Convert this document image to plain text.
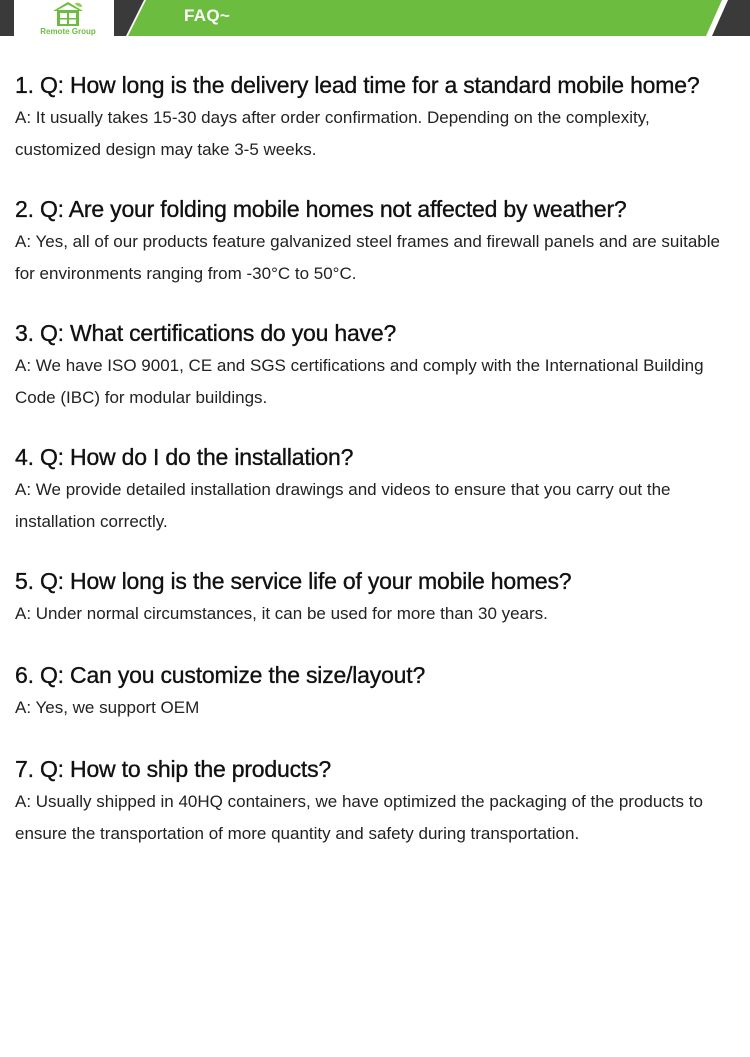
Remote Group
FAQ~

1. Q: How long is the delivery lead time for a standard mobile home?

A: It usually takes 15-30 days after order confirmation. Depending on the complexity, customized design may take 3-5 weeks.

2. Q: Are your folding mobile homes not affected by weather?

A: Yes, all of our products feature galvanized steel frames and firewall panels and are suitable for environments ranging from -30°C to 50°C.

3. Q: What certifications do you have?

A: We have ISO 9001, CE and SGS certifications and comply with the International Building Code (IBC) for modular buildings.

4. Q: How do I do the installation?

A: We provide detailed installation drawings and videos to ensure that you carry out the installation correctly.

5. Q: How long is the service life of your mobile homes?

A: Under normal circumstances, it can be used for more than 30 years.

6. Q: Can you customize the size/layout?

A: Yes, we support OEM

7. Q: How to ship the products?

A: Usually shipped in 40HQ containers, we have optimized the packaging of the products to ensure the transportation of more quantity and safety during transportation.
